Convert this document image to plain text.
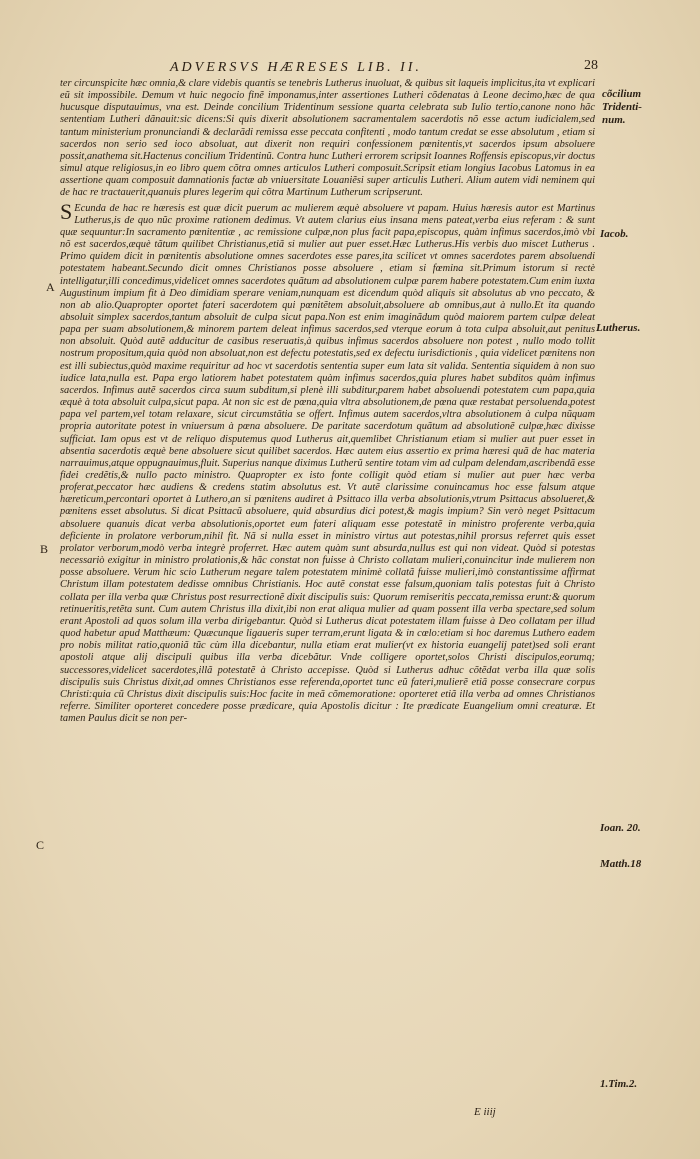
ADVERSVS HÆRESES LIB. II.	28

ter circunspicite hæc omnia,& clare videbis quantis se tenebris Lutherus inuoluat, & quibus sit laqueis implicitus,ita vt explicari eũ sit impossibile. Demum vt huic negocio finẽ imponamus,inter assertiones Lutheri cõdenatas à Leone decimo,hæc de qua hucusque disputauimus, vna est. Deinde concilium Tridentinum sessione quarta celebrata sub Iulio tertio,canone nono hãc sententiam Lutheri dãnauit:sic dicens:Si quis dixerit absolutionem sacramentalem sacerdotis nõ esse actum iudicialem,sed tantum ministerium pronunciandi & declarãdi remissa esse peccata confitenti , modo tantum credat se esse absolutum , etiam si sacerdos non serio sed ioco absoluat, aut dixerit non requiri confessionem pœnitentis,vt sacerdos ipsum absoluere possit,anathema sit.Hactenus concilium Tridentinũ. Contra hunc Lutheri errorem scripsit Ioannes Roffensis episcopus,vir doctus simul atque religiosus,in eo libro quem cõtra omnes articulos Lutheri composuit.Scripsit etiam longius Iacobus Latomus in ea assertione quam composuit damnationis factæ ab vniuersitate Louaniẽsi super articulis Lutheri. Alium autem vidi neminem qui de hac re tractauerit,quanuis plures legerim qui cõtra Martinum Lutherum scripserunt.

S Ecunda de hac re hæresis est quæ dicit puerum ac mulierem æquè absoluere vt papam. Huius hæresis autor est Martinus Lutherus,is de quo nũc proxime rationem dedimus. Vt autem clarius eius insana mens pateat,verba eius referam : & sunt quæ sequuntur:In sacramento pœnitentiæ , ac remissione culpæ,non plus facit papa,episcopus, quàm infimus sacerdos,imò vbi nõ est sacerdos,æquè tãtum quilibet Christianus,etiã si mulier aut puer esset.Hæc Lutherus.His verbis duo miscet Lutherus . Primo quidem dicit in pœnitentis absolutione omnes sacerdotes esse pares,ita scilicet vt omnes sacerdotes parem absoluendi potestatem habeant.Secundo dicit omnes Christianos posse absoluere , etiam si fœmina sit.Primum istorum si rectè intelligatur,illi concedimus,videlicet omnes sacerdotes quãtum ad absolutionem culpæ parem habere potestatem.Cum enim iuxta Augustinum impium fit à Deo dimidiam sperare veniam,nunquam est dicendum quòd aliquis sit absolutus ab vno peccato, & non ab alio.Quapropter oportet fateri sacerdotem qui pœnitẽtem absoluit,absoluere ab omnibus,aut à nullo.Et ita quando absoluit simplex sacerdos,tantum absoluit de culpa sicut papa.Non est enim imaginãdum quòd maiorem partem culpæ deleat papa per suam absolutionem,& minorem partem deleat infimus sacerdos,sed vterque eorum à tota culpa absoluit,aut penitus non absoluit. Quòd autẽ adducitur de casibus reseruatis,à quibus infimus sacerdos absoluere non potest , nullo modo tollit nostrum propositum,quia quòd non absoluat,non est defectu potestatis,sed ex defectu iurisdictionis , quia videlicet pœnitens non est illi subiectus,quòd maxime requiritur ad hoc vt sacerdotis sententia super eum lata sit valida. Sententia siquidem à non suo iudice lata,nulla est. Papa ergo latiorem habet potestatem quàm infimus sacerdos,quia plures habet subditos quàm infimus sacerdos. Infimus autẽ sacerdos circa suum subditum,si plenè illi subditur,parem habet absoluendi potestatem cum papa,quia æquè à tota absoluit culpa,sicut papa. At non sic est de pœna,quia vltra absolutionem,de pœna quæ restabat persoluenda,potest papa vel partem,vel totam relaxare, sicut circumstãtia se offert. Infimus autem sacerdos,vltra absolutionem à culpa nũquam propria autoritate potest in vniuersum à pœna absoluere. De paritate sacerdotum quãtum ad absolutionẽ culpæ,hæc dixisse sufficiat. Iam opus est vt de reliquo disputemus quod Lutherus ait,quemlibet Christianum etiam si mulier aut puer esset in absentia sacerdotis æquè bene absoluere sicut quilibet sacerdos. Hæc autem eius assertio ex prima hæresi quã de hac materia narrauimus,atque oppugnauimus,fluit. Superius nanque diximus Lutherũ sentire totam vim ad culpam delendam,ascribendã esse fidei credẽtis,& nullo pacto ministro. Quapropter ex isto fonte colligit quòd etiam si mulier aut puer hæc verba proferat,peccator hæc audiens & credens statim absolutus est. Vt autẽ clarissime conuincamus hoc esse falsum atque hæreticum,percontari oportet à Luthero,an si pœnitens audiret à Psittaco illa verba absolutionis,vtrum Psittacus absolueret,& pœnitens esset absolutus. Si dicat Psittacũ absoluere, quid absurdius dici potest,& magis impium? Sin verò neget Psittacum absoluere quanuis dicat verba absolutionis,oportet eum fateri aliquam esse potestatẽ in ministro proferente verba,quia deficiente in prolatore verborum,nihil fit. Nã si nulla esset in ministro virtus aut potestas,nihil prorsus referret quis esset prolator verborum,modò verba integrè proferret. Hæc autem quàm sunt absurda,nullus est qui non videat. Quòd si potestas necessariò exigitur in ministro prolationis,& hãc constat non fuisse à Christo collatam mulieri,conuincitur inde mulierem non posse absoluere. Verum hic scio Lutherum negare talem potestatem minimè collatã fuisse mulieri,imò constantissime affirmat Christum illam potestatem dedisse omnibus Christianis. Hoc autẽ constat esse falsum,quoniam talis potestas fuit à Christo collata per illa verba quæ Christus post resurrectionẽ dixit discipulis suis: Quorum remiseritis peccata,remissa erunt:& quorum retinueritis,retẽta sunt. Cum autem Christus illa dixit,ibi non erat aliqua mulier ad quam possent illa verba spectare,sed solum erant Apostoli ad quos solum illa verba dirigebantur. Quòd si Lutherus dicat potestatem illam fuisse à Deo collatam per illud quod habetur apud Matthæum: Quæcunque ligaueris super terram,erunt ligata & in cœlo:etiam si hoc daremus Luthero eadem pro nobis militat ratio,quoniã tũc cùm illa dicebantur, nulla etiam erat mulier(vt ex historia euangelij patet)sed soli erant apostoli atque alij discipuli quibus illa verba dicebãtur. Vnde colligere oportet,solos Christi discipulos,eorumq; successores,videlicet sacerdotes,illã potestatẽ à Christo accepisse. Quòd si Lutherus adhuc cõtẽdat verba illa quæ solis discipulis suis Christus dixit,ad omnes Christianos esse referenda,oportet tunc eũ fateri,mulierẽ etiã posse consecrare corpus Christi:quia cũ Christus dixit discipulis suis:Hoc facite in meã cõmemoratione: oporteret etiã illa verba ad omnes Christianos referre. Similiter oporteret concedere posse prædicare, quia Apostolis dicitur : Ite prædicate Euangelium omni creaturæ. Et tamen Paulus dicit se non per-

cõcilium
Tridenti-
num.
Iacob.
Lutherus.
Ioan. 20.
Matth.18
1.Tim.2.
A
B
C
E iiij
